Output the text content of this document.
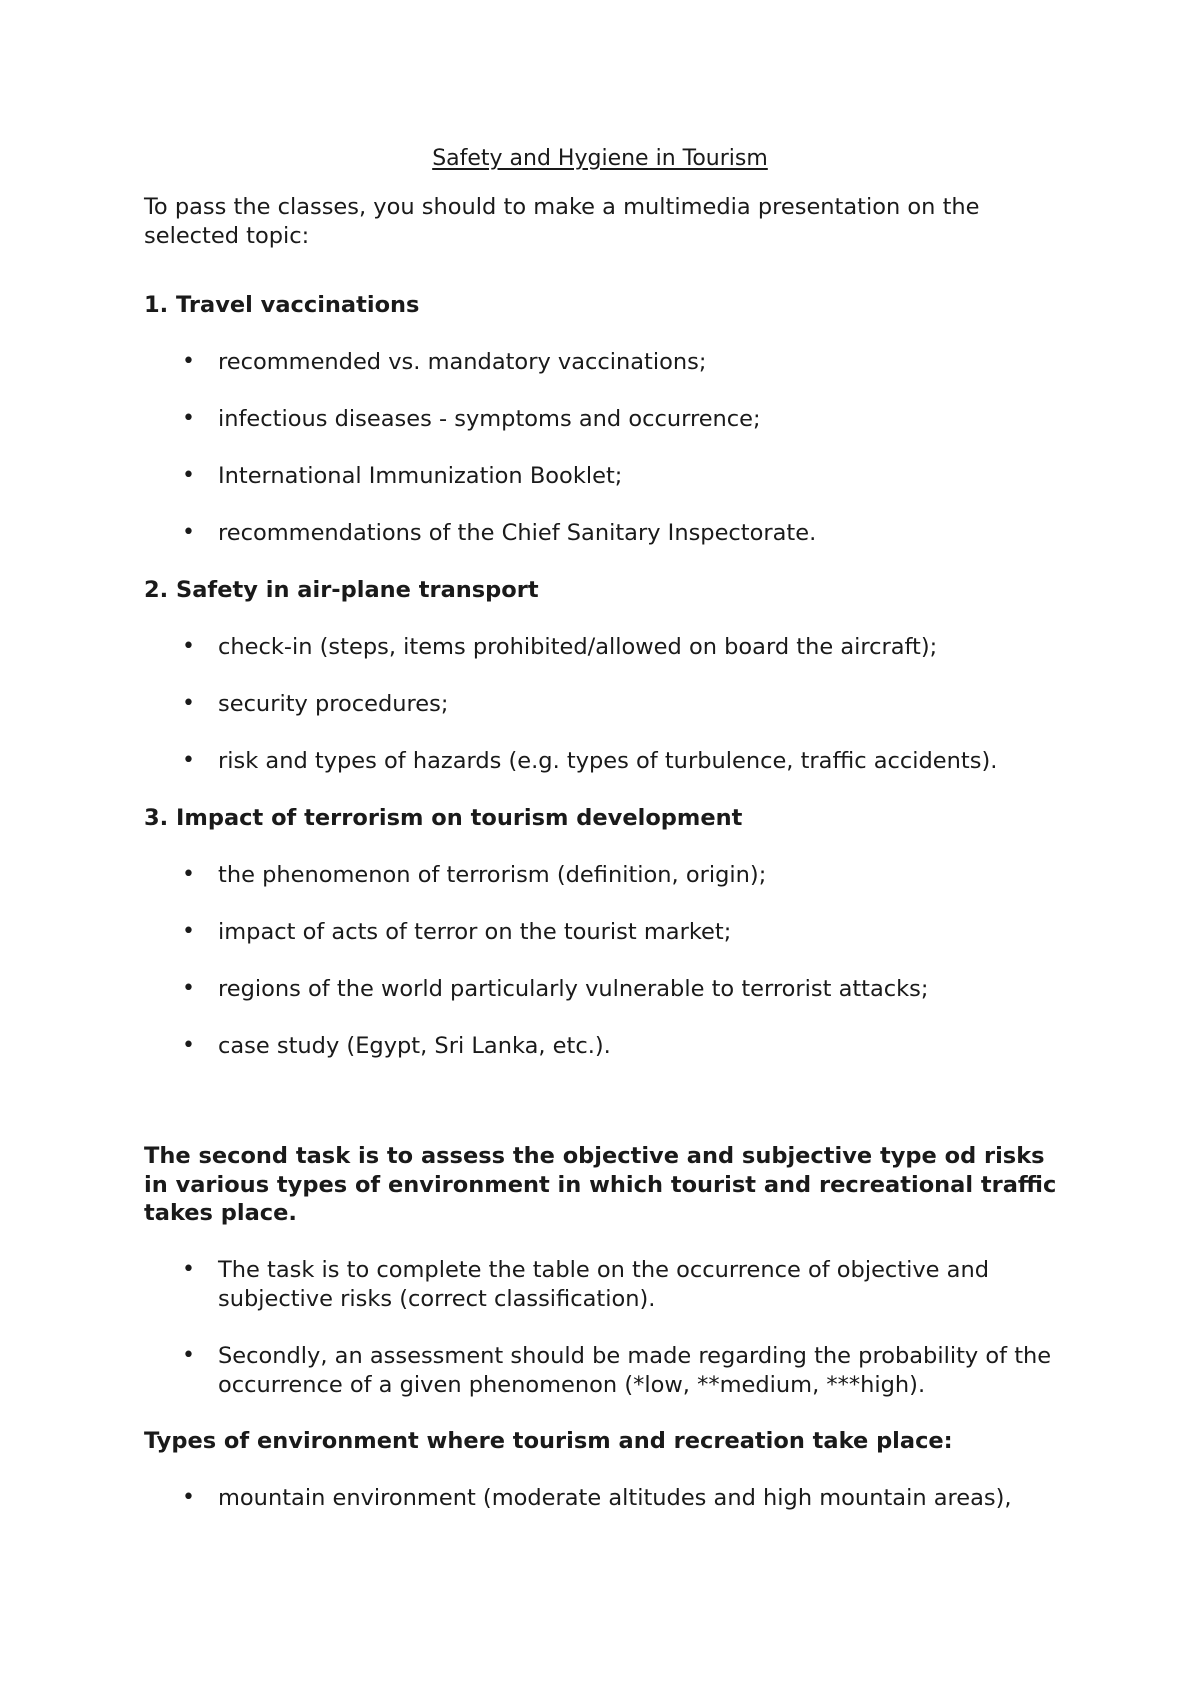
Safety and Hygiene in Tourism
To pass the classes, you should to make a multimedia presentation on the selected topic:
1. Travel vaccinations
• recommended vs. mandatory vaccinations;
• infectious diseases - symptoms and occurrence;
• International Immunization Booklet;
• recommendations of the Chief Sanitary Inspectorate.
2. Safety in air-plane transport
• check-in (steps, items prohibited/allowed on board the aircraft);
• security procedures;
• risk and types of hazards (e.g. types of turbulence, traffic accidents).
3. Impact of terrorism on tourism development
• the phenomenon of terrorism (definition, origin);
• impact of acts of terror on the tourist market;
• regions of the world particularly vulnerable to terrorist attacks;
• case study (Egypt, Sri Lanka, etc.).
The second task is to assess the objective and subjective type od risks in various types of environment in which tourist and recreational traffic takes place.
• The task is to complete the table on the occurrence of objective and subjective risks (correct classification).
• Secondly, an assessment should be made regarding the probability of the occurrence of a given phenomenon (*low, **medium, ***high).
Types of environment where tourism and recreation take place:
• mountain environment (moderate altitudes and high mountain areas),
